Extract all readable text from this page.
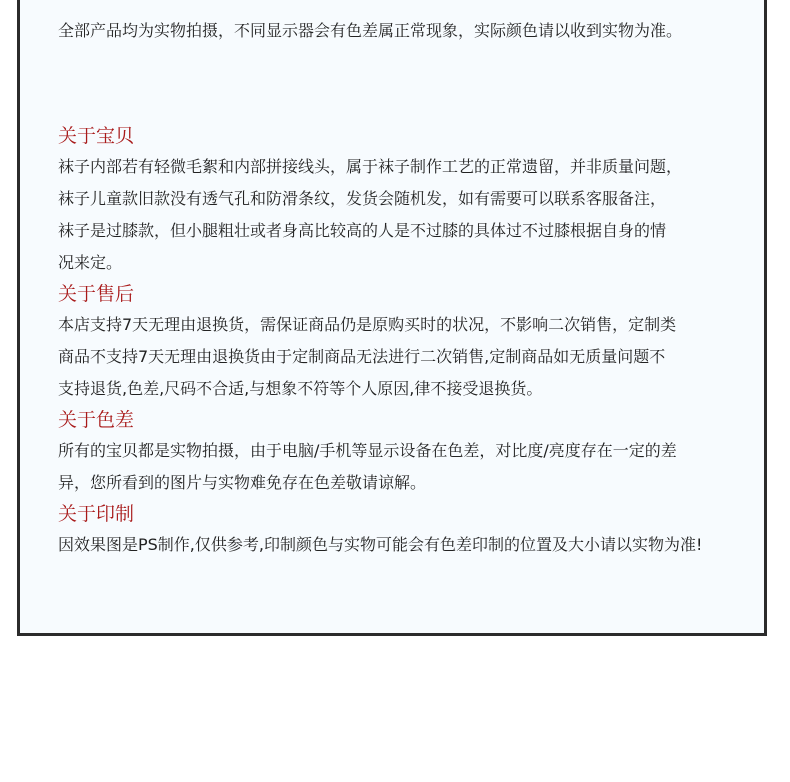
全部产品均为实物拍摄，不同显示器会有色差属正常现象，实际颜色请以收到实物为准。

关于宝贝

袜子内部若有轻微毛絮和内部拼接线头，属于袜子制作工艺的正常遗留，并非质量问题，
袜子儿童款旧款没有透气孔和防滑条纹，发货会随机发，如有需要可以联系客服备注，
袜子是过膝款，但小腿粗壮或者身高比较高的人是不过膝的具体过不过膝根据自身的情
况来定。

关于售后

本店支持7天无理由退换货，需保证商品仍是原购买时的状况，不影响二次销售，定制类
商品不支持7天无理由退换货由于定制商品无法进行二次销售,定制商品如无质量问题不
支持退货,色差,尺码不合适,与想象不符等个人原因,律不接受退换货。

关于色差

所有的宝贝都是实物拍摄，由于电脑/手机等显示设备在色差，对比度/亮度存在一定的差
异，您所看到的图片与实物难免存在色差敬请谅解。

关于印制

因效果图是PS制作,仅供参考,印制颜色与实物可能会有色差印制的位置及大小请以实物为准!
